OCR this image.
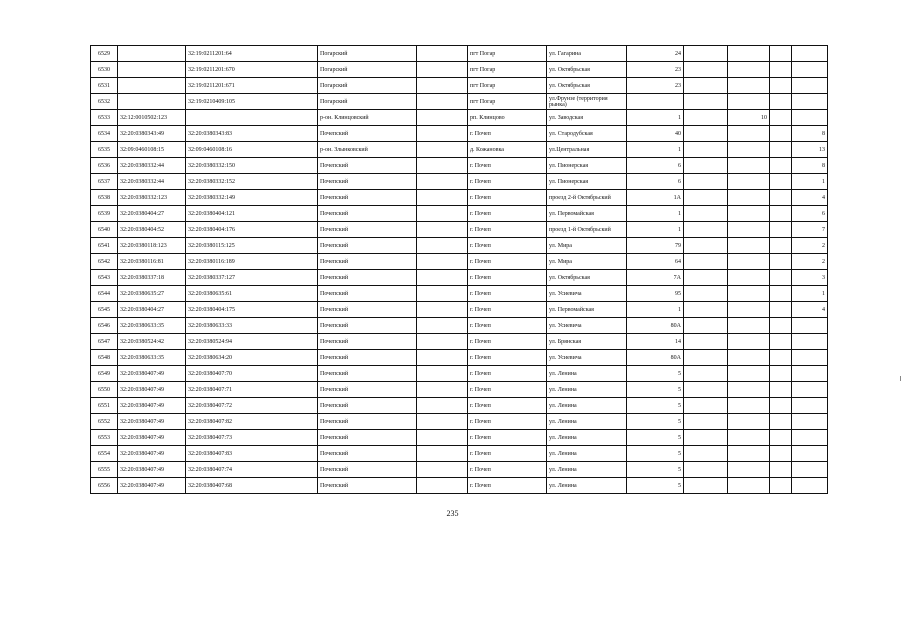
6529		32:19:0211201:64	Погарский		пгт Погар	ул. Гагарина	24				
6530		32:19:0211201:670	Погарский		пгт Погар	ул. Октябрьская	23				
6531		32:19:0211201:671	Погарский		пгт Погар	ул. Октябрьская	23				
6532		32:19:0210409:105	Погарский		пгт Погар	ул.Фрунзе (территория рынка)					
6533	32:12:0010502:123		р-он. Клинцовский		рп. Клинцово	ул. Заводская	1		10		
6534	32:20:0380343:49	32:20:0380343:83	Почепский		г. Почеп	ул. Стародубская	40				8
6535	32:09:0460108:15	32:09:0460108:16	р-он. Злынковский		д. Кожановка	ул.Центральная	1				13
6536	32:20:0380332:44	32:20:0380332:150	Почепский		г. Почеп	ул. Пионерская	6				8
6537	32:20:0380332:44	32:20:0380332:152	Почепский		г. Почеп	ул. Пионерская	6				1
6538	32:20:0380332:123	32:20:0380332:149	Почепский		г. Почеп	проезд 2-й Октябрьский	1А				4
6539	32:20:0380404:27	32:20:0380404:121	Почепский		г. Почеп	ул. Первомайская	1				6
6540	32:20:0380404:52	32:20:0380404:176	Почепский		г. Почеп	проезд 1-й Октябрьский	1				7
6541	32:20:0380118:123	32:20:0380115:125	Почепский		г. Почеп	ул. Мира	79				2
6542	32:20:0380116:81	32:20:0380116:189	Почепский		г. Почеп	ул. Мира	64				2
6543	32:20:0380337:18	32:20:0380337:127	Почепский		г. Почеп	ул. Октябрьская	7А				3
6544	32:20:0380635:27	32:20:0380635:61	Почепский		г. Почеп	ул. Усиевича	95				1
6545	32:20:0380404:27	32:20:0380404:175	Почепский		г. Почеп	ул. Первомайская	1				4
6546	32:20:0380633:35	32:20:0380633:33	Почепский		г. Почеп	ул. Усиевича	80А				
6547	32:20:0380524:42	32:20:0380524:94	Почепский		г. Почеп	ул. Брянская	14				
6548	32:20:0380633:35	32:20:0380634:20	Почепский		г. Почеп	ул. Усиевича	80А				
6549	32:20:0380407:49	32:20:0380407:70	Почепский		г. Почеп	ул. Ленина	5				
6550	32:20:0380407:49	32:20:0380407:71	Почепский		г. Почеп	ул. Ленина	5				
6551	32:20:0380407:49	32:20:0380407:72	Почепский		г. Почеп	ул. Ленина	5				
6552	32:20:0380407:49	32:20:0380407:82	Почепский		г. Почеп	ул. Ленина	5				
6553	32:20:0380407:49	32:20:0380407:73	Почепский		г. Почеп	ул. Ленина	5				
6554	32:20:0380407:49	32:20:0380407:83	Почепский		г. Почеп	ул. Ленина	5				
6555	32:20:0380407:49	32:20:0380407:74	Почепский		г. Почеп	ул. Ленина	5				
6556	32:20:0380407:49	32:20:0380407:68	Почепский		г. Почеп	ул. Ленина	5				
235
